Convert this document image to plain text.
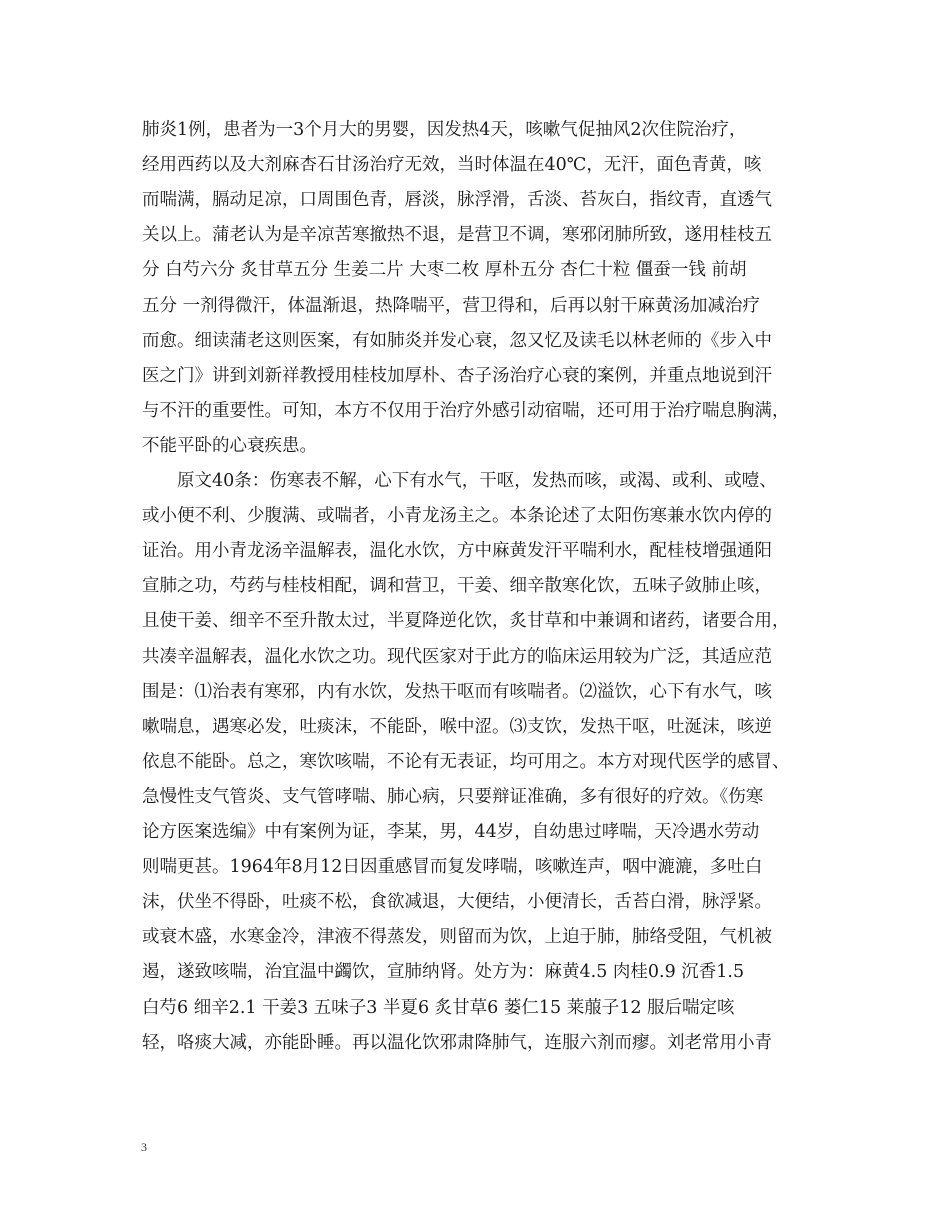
肺炎1例，患者为一3个月大的男婴，因发热4天，咳嗽气促抽风2次住院治疗，
经用西药以及大剂麻杏石甘汤治疗无效，当时体温在40℃，无汗，面色青黄，咳
而喘满，膈动足凉，口周围色青，唇淡，脉浮滑，舌淡、苔灰白，指纹青，直透气
关以上。蒲老认为是辛凉苦寒撤热不退，是营卫不调，寒邪闭肺所致，遂用桂枝五
分 白芍六分 炙甘草五分 生姜二片 大枣二枚 厚朴五分 杏仁十粒 僵蚕一钱 前胡
五分 一剂得微汗，体温渐退，热降喘平，营卫得和，后再以射干麻黄汤加减治疗
而愈。细读蒲老这则医案，有如肺炎并发心衰，忽又忆及读毛以林老师的《步入中
医之门》讲到刘新祥教授用桂枝加厚朴、杏子汤治疗心衰的案例，并重点地说到汗
与不汗的重要性。可知，本方不仅用于治疗外感引动宿喘，还可用于治疗喘息胸满，
不能平卧的心衰疾患。
　　原文40条：伤寒表不解，心下有水气，干呕，发热而咳，或渴、或利、或噎、
或小便不利、少腹满、或喘者，小青龙汤主之。本条论述了太阳伤寒兼水饮内停的
证治。用小青龙汤辛温解表，温化水饮，方中麻黄发汗平喘利水，配桂枝增强通阳
宣肺之功，芍药与桂枝相配，调和营卫，干姜、细辛散寒化饮，五味子敛肺止咳，
且使干姜、细辛不至升散太过，半夏降逆化饮，炙甘草和中兼调和诸药，诸要合用，
共凑辛温解表，温化水饮之功。现代医家对于此方的临床运用较为广泛，其适应范
围是：⑴治表有寒邪，内有水饮，发热干呕而有咳喘者。⑵溢饮，心下有水气，咳
嗽喘息，遇寒必发，吐痰沫，不能卧，喉中涩。⑶支饮，发热干呕，吐涎沫，咳逆
依息不能卧。总之，寒饮咳喘，不论有无表证，均可用之。本方对现代医学的感冒、
急慢性支气管炎、支气管哮喘、肺心病，只要辩证准确，多有很好的疗效。《伤寒
论方医案选编》中有案例为证，李某，男，44岁，自幼患过哮喘，天冷遇水劳动
则喘更甚。1964年8月12日因重感冒而复发哮喘，咳嗽连声，咽中漉漉，多吐白
沫，伏坐不得卧，吐痰不松，食欲减退，大便结，小便清长，舌苔白滑，脉浮紧。
或衰木盛，水寒金冷，津液不得蒸发，则留而为饮，上迫于肺，肺络受阻，气机被
遏，遂致咳喘，治宜温中蠲饮，宣肺纳肾。处方为：麻黄4.5 肉桂0.9 沉香1.5
白芍6 细辛2.1 干姜3 五味子3 半夏6 炙甘草6 蒌仁15 莱菔子12 服后喘定咳
轻，咯痰大减，亦能卧睡。再以温化饮邪肃降肺气，连服六剂而瘳。刘老常用小青
3
